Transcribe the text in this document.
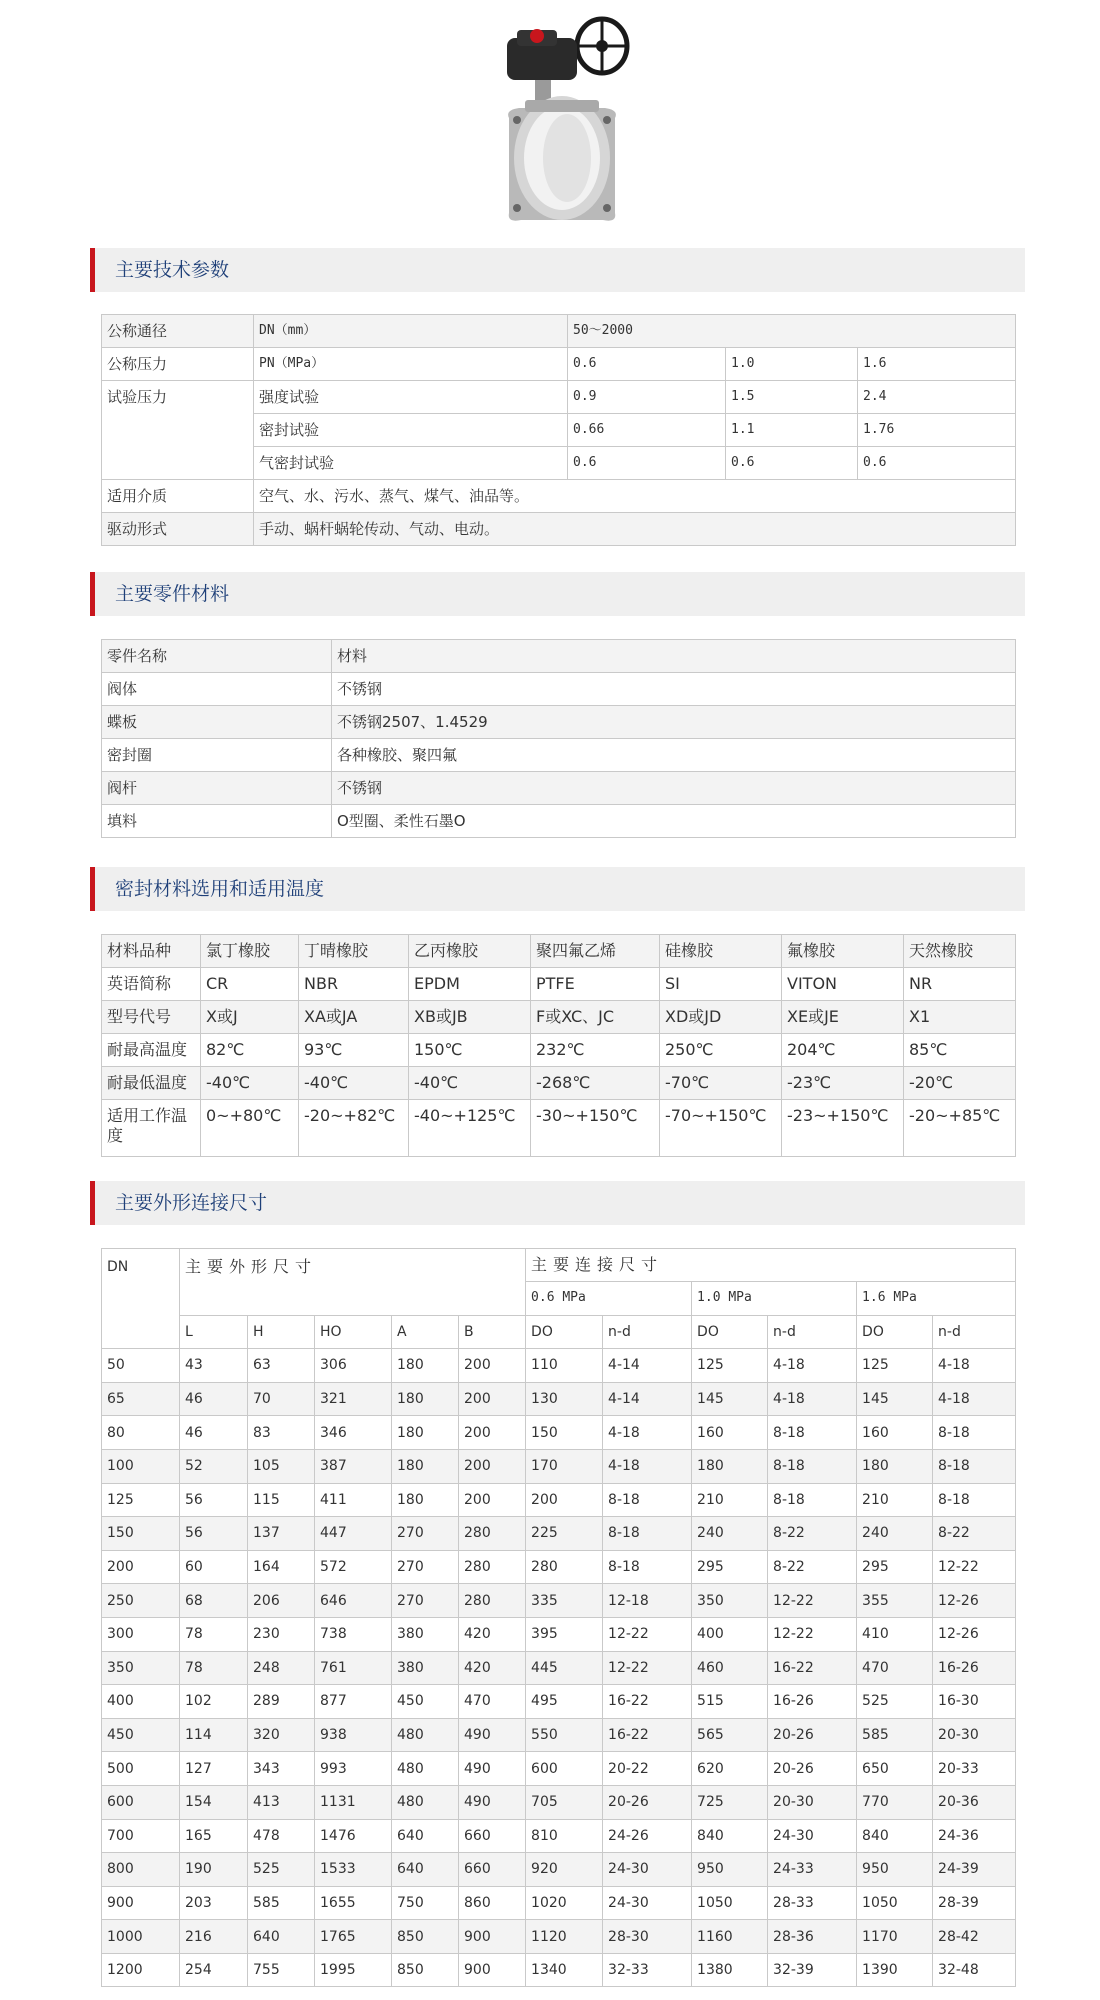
主要技术参数
公称通径	DN（mm）	50～2000		
公称压力	PN（MPa）	0.6	1.0	1.6
试验压力	强度试验	0.9	1.5	2.4
	密封试验	0.66	1.1	1.76
	气密封试验	0.6	0.6	0.6
适用介质	空气、水、污水、蒸气、煤气、油品等。			
驱动形式	手动、蜗杆蜗轮传动、气动、电动。			
主要零件材料
零件名称	材料
阀体	不锈钢
蝶板	不锈钢2507、1.4529
密封圈	各种橡胶、聚四氟
阀杆	不锈钢
填料	O型圈、柔性石墨O
密封材料选用和适用温度
材料品种	氯丁橡胶	丁晴橡胶	乙丙橡胶	聚四氟乙烯	硅橡胶	氟橡胶	天然橡胶
英语简称	CR	NBR	EPDM	PTFE	SI	VITON	NR
型号代号	X或J	XA或JA	XB或JB	F或XC、JC	XD或JD	XE或JE	X1
耐最高温度	82℃	93℃	150℃	232℃	250℃	204℃	85℃
耐最低温度	-40℃	-40℃	-40℃	-268℃	-70℃	-23℃	-20℃
适用工作温度	0~+80℃	-20~+82℃	-40~+125℃	-30~+150℃	-70~+150℃	-23~+150℃	-20~+85℃
主要外形连接尺寸
DN	主要外形尺寸					主要连接尺寸					
						0.6 MPa		1.0 MPa		1.6 MPa	
	L	H	HO	A	B	DO	n-d	DO	n-d	DO	n-d
50	43	63	306	180	200	110	4-14	125	4-18	125	4-18
65	46	70	321	180	200	130	4-14	145	4-18	145	4-18
80	46	83	346	180	200	150	4-18	160	8-18	160	8-18
100	52	105	387	180	200	170	4-18	180	8-18	180	8-18
125	56	115	411	180	200	200	8-18	210	8-18	210	8-18
150	56	137	447	270	280	225	8-18	240	8-22	240	8-22
200	60	164	572	270	280	280	8-18	295	8-22	295	12-22
250	68	206	646	270	280	335	12-18	350	12-22	355	12-26
300	78	230	738	380	420	395	12-22	400	12-22	410	12-26
350	78	248	761	380	420	445	12-22	460	16-22	470	16-26
400	102	289	877	450	470	495	16-22	515	16-26	525	16-30
450	114	320	938	480	490	550	16-22	565	20-26	585	20-30
500	127	343	993	480	490	600	20-22	620	20-26	650	20-33
600	154	413	1131	480	490	705	20-26	725	20-30	770	20-36
700	165	478	1476	640	660	810	24-26	840	24-30	840	24-36
800	190	525	1533	640	660	920	24-30	950	24-33	950	24-39
900	203	585	1655	750	860	1020	24-30	1050	28-33	1050	28-39
1000	216	640	1765	850	900	1120	28-30	1160	28-36	1170	28-42
1200	254	755	1995	850	900	1340	32-33	1380	32-39	1390	32-48
